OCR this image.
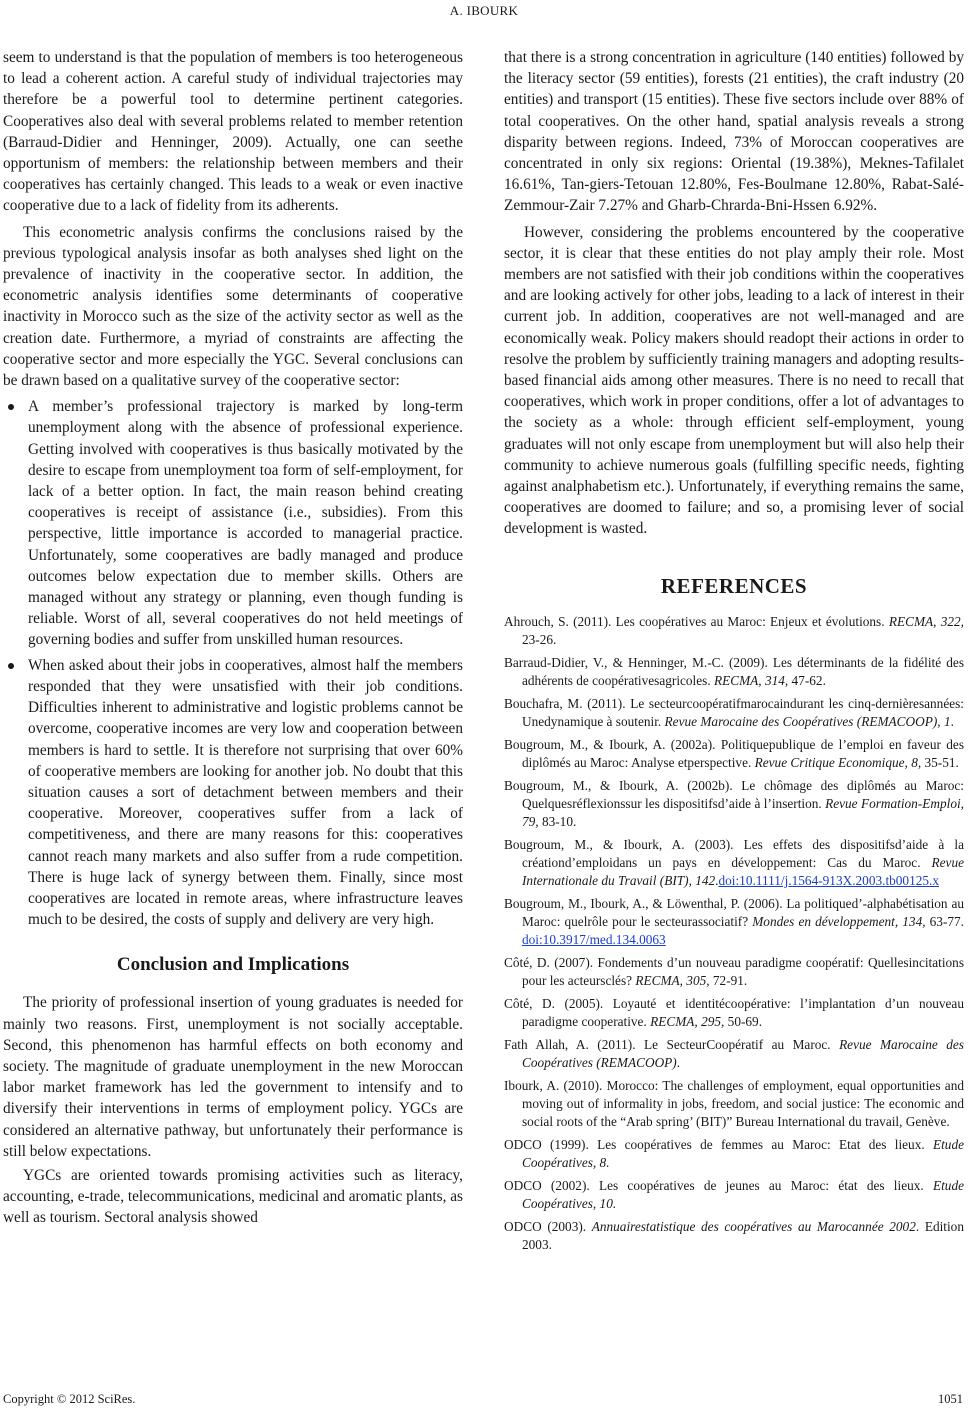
A. IBOURK

seem to understand is that the population of members is too heterogeneous to lead a coherent action. A careful study of individual trajectories may therefore be a powerful tool to determine pertinent categories. Cooperatives also deal with several problems related to member retention (Barraud-Didier and Henninger, 2009). Actually, one can seethe opportunism of members: the relationship between members and their cooperatives has certainly changed. This leads to a weak or even inactive cooperative due to a lack of fidelity from its adherents.

This econometric analysis confirms the conclusions raised by the previous typological analysis insofar as both analyses shed light on the prevalence of inactivity in the cooperative sector. In addition, the econometric analysis identifies some determinants of cooperative inactivity in Morocco such as the size of the activity sector as well as the creation date. Furthermore, a myriad of constraints are affecting the cooperative sector and more especially the YGC. Several conclusions can be drawn based on a qualitative survey of the cooperative sector:

A member’s professional trajectory is marked by long-term unemployment along with the absence of professional experience. Getting involved with cooperatives is thus basically motivated by the desire to escape from unemployment toa form of self-employment, for lack of a better option. In fact, the main reason behind creating cooperatives is receipt of assistance (i.e., subsidies). From this perspective, little importance is accorded to managerial practice. Unfortunately, some cooperatives are badly managed and produce outcomes below expectation due to member skills. Others are managed without any strategy or planning, even though funding is reliable. Worst of all, several cooperatives do not held meetings of governing bodies and suffer from unskilled human resources.
When asked about their jobs in cooperatives, almost half the members responded that they were unsatisfied with their job conditions. Difficulties inherent to administrative and logistic problems cannot be overcome, cooperative incomes are very low and cooperation between members is hard to settle. It is therefore not surprising that over 60% of cooperative members are looking for another job. No doubt that this situation causes a sort of detachment between members and their cooperative. Moreover, cooperatives suffer from a lack of competitiveness, and there are many reasons for this: cooperatives cannot reach many markets and also suffer from a rude competition. There is huge lack of synergy between them. Finally, since most cooperatives are located in remote areas, where infrastructure leaves much to be desired, the costs of supply and delivery are very high.
Conclusion and Implications

The priority of professional insertion of young graduates is needed for mainly two reasons. First, unemployment is not socially acceptable. Second, this phenomenon has harmful effects on both economy and society. The magnitude of graduate unemployment in the new Moroccan labor market framework has led the government to intensify and to diversify their interventions in terms of employment policy. YGCs are considered an alternative pathway, but unfortunately their performance is still below expectations.

YGCs are oriented towards promising activities such as literacy, accounting, e-trade, telecommunications, medicinal and aromatic plants, as well as tourism. Sectoral analysis showed

that there is a strong concentration in agriculture (140 entities) followed by the literacy sector (59 entities), forests (21 entities), the craft industry (20 entities) and transport (15 entities). These five sectors include over 88% of total cooperatives. On the other hand, spatial analysis reveals a strong disparity between regions. Indeed, 73% of Moroccan cooperatives are concentrated in only six regions: Oriental (19.38%), Meknes-Tafilalet 16.61%, Tan-giers-Tetouan 12.80%, Fes-Boulmane 12.80%, Rabat-Salé-Zemmour-Zair 7.27% and Gharb-Chrarda-Bni-Hssen 6.92%.

However, considering the problems encountered by the cooperative sector, it is clear that these entities do not play amply their role. Most members are not satisfied with their job conditions within the cooperatives and are looking actively for other jobs, leading to a lack of interest in their current job. In addition, cooperatives are not well-managed and are economically weak. Policy makers should readopt their actions in order to resolve the problem by sufficiently training managers and adopting results-based financial aids among other measures. There is no need to recall that cooperatives, which work in proper conditions, offer a lot of advantages to the society as a whole: through efficient self-employment, young graduates will not only escape from unemployment but will also help their community to achieve numerous goals (fulfilling specific needs, fighting against analphabetism etc.). Unfortunately, if everything remains the same, cooperatives are doomed to failure; and so, a promising lever of social development is wasted.

REFERENCES

Ahrouch, S. (2011). Les coopératives au Maroc: Enjeux et évolutions. RECMA, 322, 23-26.

Barraud-Didier, V., & Henninger, M.-C. (2009). Les déterminants de la fidélité des adhérents de coopérativesagricoles. RECMA, 314, 47-62.

Bouchafra, M. (2011). Le secteurcoopératifmarocaindurant les cinq-dernièresannées: Unedynamique à soutenir. Revue Marocaine des Coopératives (REMACOOP), 1.

Bougroum, M., & Ibourk, A. (2002a). Politiquepublique de l’emploi en faveur des diplômés au Maroc: Analyse etperspective. Revue Critique Economique, 8, 35-51.

Bougroum, M., & Ibourk, A. (2002b). Le chômage des diplômés au Maroc: Quelquesréflexionssur les dispositifsd’aide à l’insertion. Revue Formation-Emploi, 79, 83-10.

Bougroum, M., & Ibourk, A. (2003). Les effets des dispositifsd’aide à la créationd’emploidans un pays en développement: Cas du Maroc. Revue Internationale du Travail (BIT), 142.doi:10.1111/j.1564-913X.2003.tb00125.x

Bougroum, M., Ibourk, A., & Löwenthal, P. (2006). La politiqued’-alphabétisation au Maroc: quelrôle pour le secteurassociatif? Mondes en développement, 134, 63-77. doi:10.3917/med.134.0063

Côté, D. (2007). Fondements d’un nouveau paradigme coopératif: Quellesincitations pour les acteursclés? RECMA, 305, 72-91.

Côté, D. (2005). Loyauté et identitécoopérative: l’implantation d’un nouveau paradigme cooperative. RECMA, 295, 50-69.

Fath Allah, A. (2011). Le SecteurCoopératif au Maroc. Revue Marocaine des Coopératives (REMACOOP).

Ibourk, A. (2010). Morocco: The challenges of employment, equal opportunities and moving out of informality in jobs, freedom, and social justice: The economic and social roots of the “Arab spring’ (BIT)” Bureau International du travail, Genève.

ODCO (1999). Les coopératives de femmes au Maroc: Etat des lieux. Etude Coopératives, 8.

ODCO (2002). Les coopératives de jeunes au Maroc: état des lieux. Etude Coopératives, 10.

ODCO (2003). Annuairestatistique des coopératives au Marocannée 2002. Edition 2003.

Copyright © 2012 SciRes.	1051
